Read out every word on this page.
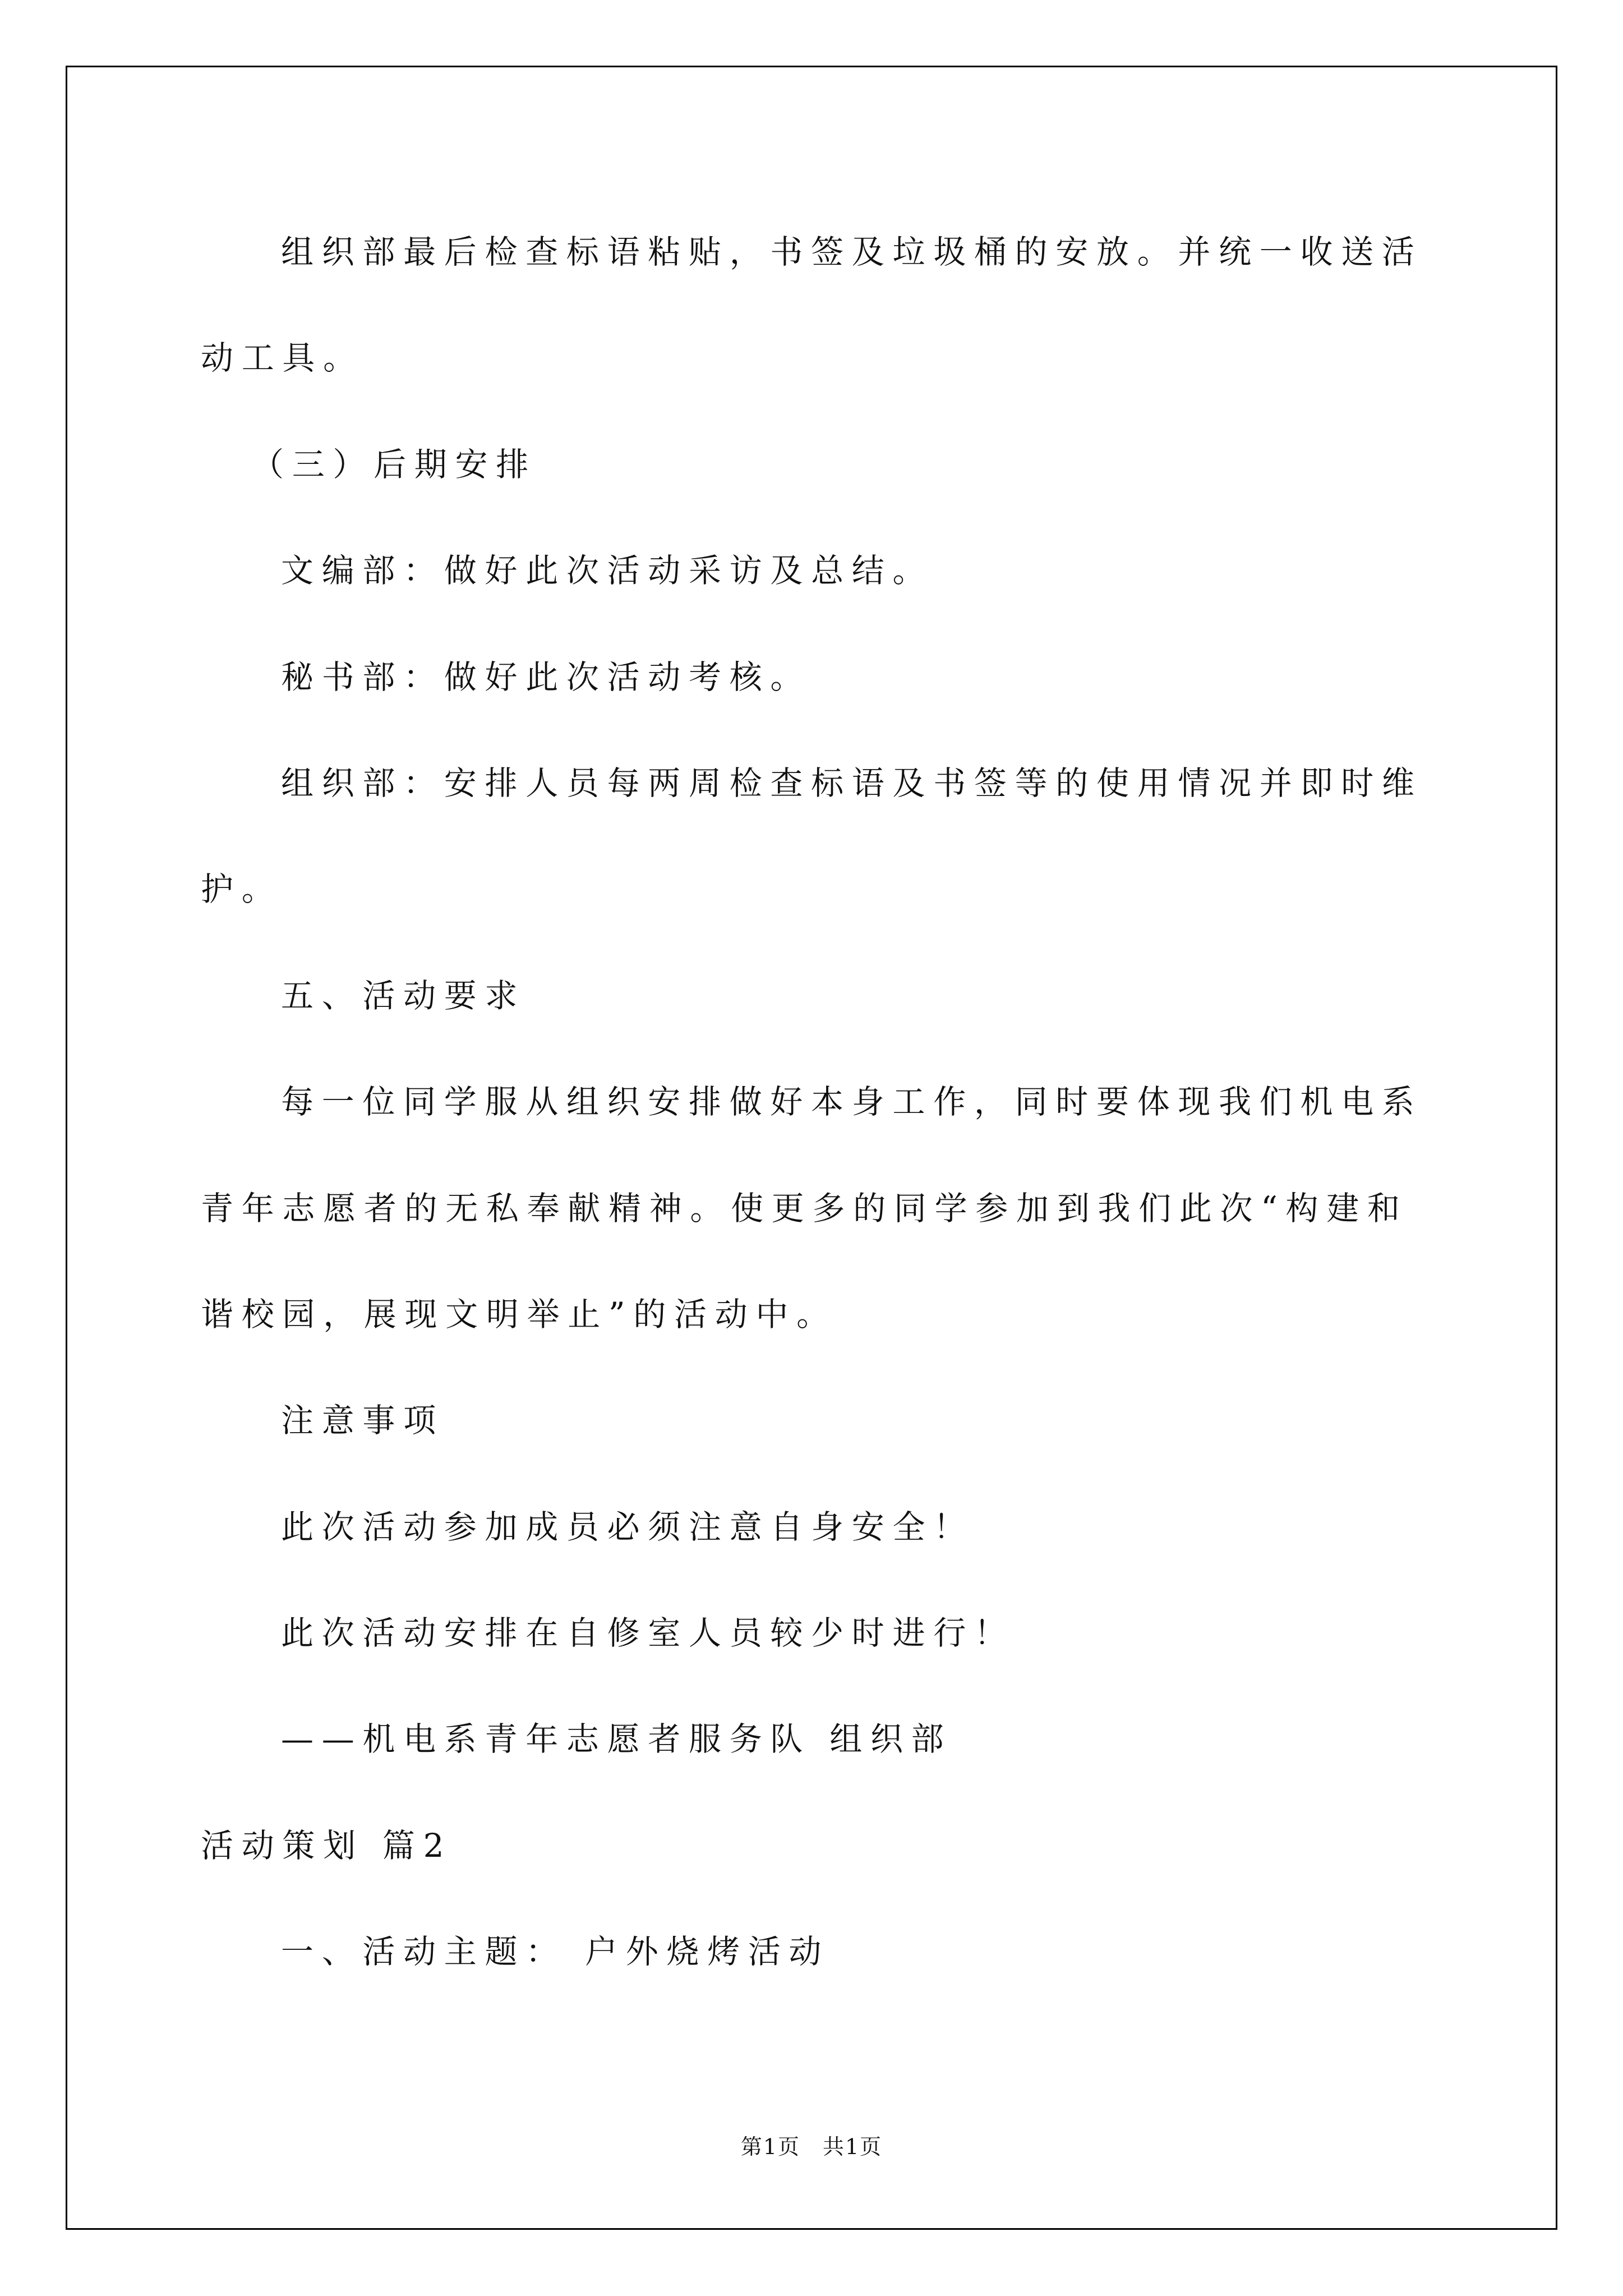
组织部最后检查标语粘贴，书签及垃圾桶的安放。并统一收送活
动工具。
（三）后期安排
文编部：做好此次活动采访及总结。
秘书部：做好此次活动考核。
组织部：安排人员每两周检查标语及书签等的使用情况并即时维
护。
五、活动要求
每一位同学服从组织安排做好本身工作，同时要体现我们机电系
青年志愿者的无私奉献精神。使更多的同学参加到我们此次“构建和
谐校园，展现文明举止”的活动中。
注意事项
此次活动参加成员必须注意自身安全！
此次活动安排在自修室人员较少时进行！
——机电系青年志愿者服务队 组织部
活动策划 篇2
一、活动主题： 户外烧烤活动
第1页　共1页
